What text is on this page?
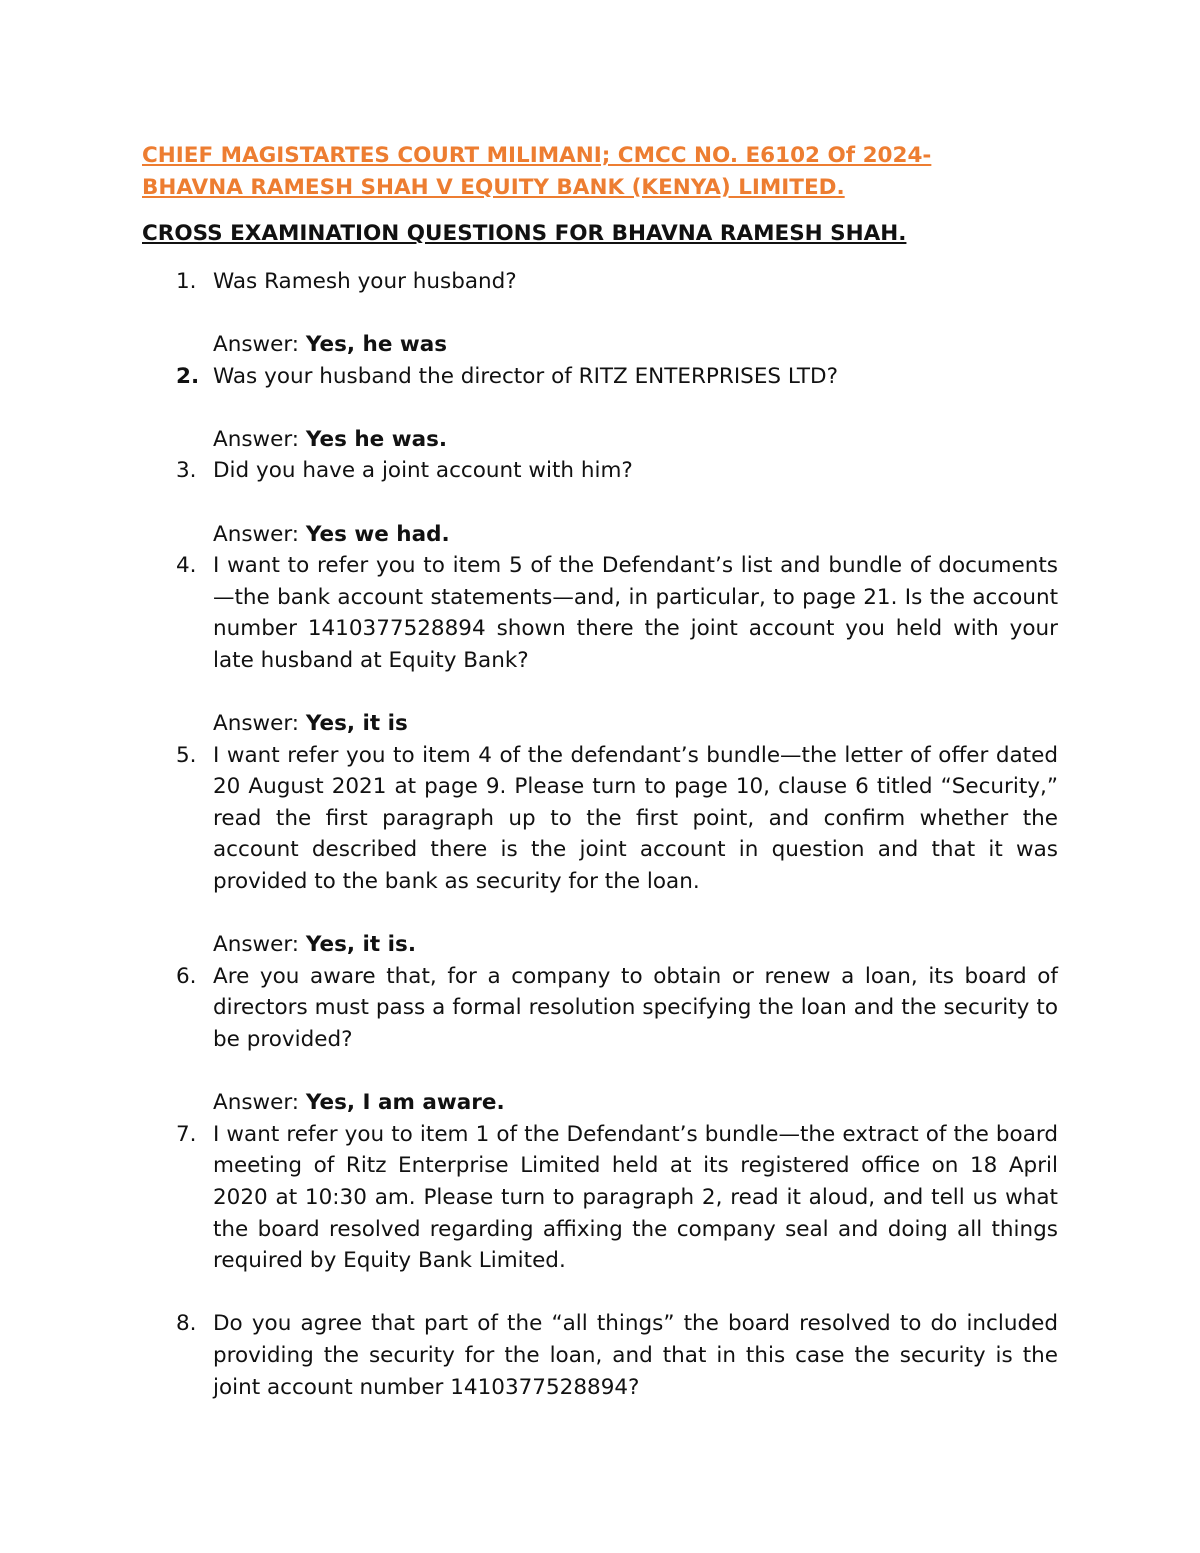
CHIEF MAGISTARTES COURT MILIMANI; CMCC NO. E6102 Of 2024-
BHAVNA RAMESH SHAH V EQUITY BANK (KENYA) LIMITED.
CROSS EXAMINATION QUESTIONS FOR BHAVNA RAMESH SHAH.
1. Was Ramesh your husband?
Answer: Yes, he was
2. Was your husband the director of RITZ ENTERPRISES LTD?
Answer: Yes he was.
3. Did you have a joint account with him?
Answer: Yes we had.
4. I want to refer you to item 5 of the Defendant’s list and bundle of documents—the bank account statements—and, in particular, to page 21. Is the account number 1410377528894 shown there the joint account you held with your late husband at Equity Bank?
Answer: Yes, it is
5. I want refer you to item 4 of the defendant’s bundle—the letter of offer dated 20 August 2021 at page 9. Please turn to page 10, clause 6 titled “Security,” read the first paragraph up to the first point, and confirm whether the account described there is the joint account in question and that it was provided to the bank as security for the loan.
Answer: Yes, it is.
6. Are you aware that, for a company to obtain or renew a loan, its board of directors must pass a formal resolution specifying the loan and the security to be provided?
Answer: Yes, I am aware.
7. I want refer you to item 1 of the Defendant’s bundle—the extract of the board meeting of Ritz Enterprise Limited held at its registered office on 18 April 2020 at 10:30 am. Please turn to paragraph 2, read it aloud, and tell us what the board resolved regarding affixing the company seal and doing all things required by Equity Bank Limited.
8. Do you agree that part of the “all things” the board resolved to do included providing the security for the loan, and that in this case the security is the joint account number 1410377528894?
